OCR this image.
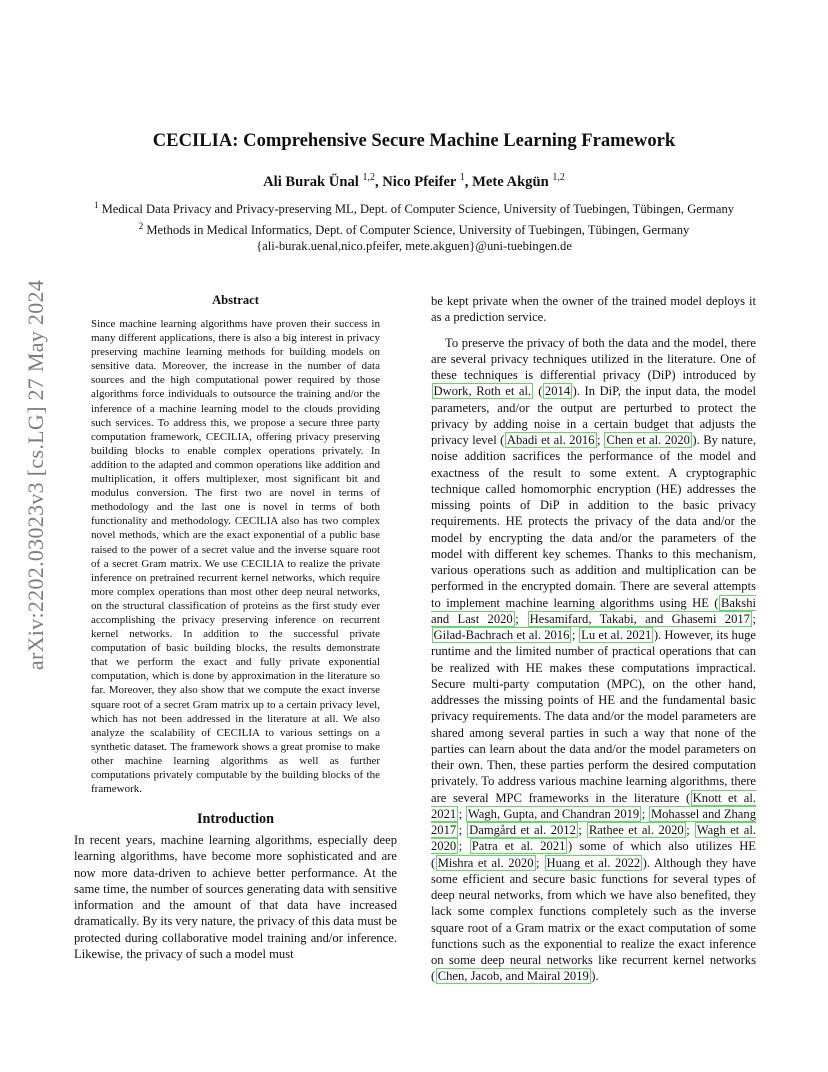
arXiv:2202.03023v3 [cs.LG] 27 May 2024
CECILIA: Comprehensive Secure Machine Learning Framework

Ali Burak Ünal $^{1,2}$, Nico Pfeifer $^1$, Mete Akgün $^{1,2}$

$^1$ Medical Data Privacy and Privacy-preserving ML, Dept. of Computer Science, University of Tuebingen, Tübingen, Germany
$^2$ Methods in Medical Informatics, Dept. of Computer Science, University of Tuebingen, Tübingen, Germany
{ali-burak.uenal,nico.pfeifer, mete.akguen}@uni-tuebingen.de
Abstract

Since machine learning algorithms have proven their success in many different applications, there is also a big interest in privacy preserving machine learning methods for building models on sensitive data. Moreover, the increase in the number of data sources and the high computational power required by those algorithms force individuals to outsource the training and/or the inference of a machine learning model to the clouds providing such services. To address this, we propose a secure three party computation framework, CECILIA, offering privacy preserving building blocks to enable complex operations privately. In addition to the adapted and common operations like addition and multiplication, it offers multiplexer, most significant bit and modulus conversion. The first two are novel in terms of methodology and the last one is novel in terms of both functionality and methodology. CECILIA also has two complex novel methods, which are the exact exponential of a public base raised to the power of a secret value and the inverse square root of a secret Gram matrix. We use CECILIA to realize the private inference on pretrained recurrent kernel networks, which require more complex operations than most other deep neural networks, on the structural classification of proteins as the first study ever accomplishing the privacy preserving inference on recurrent kernel networks. In addition to the successful private computation of basic building blocks, the results demonstrate that we perform the exact and fully private exponential computation, which is done by approximation in the literature so far. Moreover, they also show that we compute the exact inverse square root of a secret Gram matrix up to a certain privacy level, which has not been addressed in the literature at all. We also analyze the scalability of CECILIA to various settings on a synthetic dataset. The framework shows a great promise to make other machine learning algorithms as well as further computations privately computable by the building blocks of the framework.

Introduction

In recent years, machine learning algorithms, especially deep learning algorithms, have become more sophisticated and are now more data-driven to achieve better performance. At the same time, the number of sources generating data with sensitive information and the amount of that data have increased dramatically. By its very nature, the privacy of this data must be protected during collaborative model training and/or inference. Likewise, the privacy of such a model must

be kept private when the owner of the trained model deploys it as a prediction service.

To preserve the privacy of both the data and the model, there are several privacy techniques utilized in the literature. One of these techniques is differential privacy (DiP) introduced by Dwork, Roth et al. ( 2014 ). In DiP, the input data, the model parameters, and/or the output are perturbed to protect the privacy by adding noise in a certain budget that adjusts the privacy level ( Abadi et al. 2016 ; Chen et al. 2020 ). By nature, noise addition sacrifices the performance of the model and exactness of the result to some extent. A cryptographic technique called homomorphic encryption (HE) addresses the missing points of DiP in addition to the basic privacy requirements. HE protects the privacy of the data and/or the model by encrypting the data and/or the parameters of the model with different key schemes. Thanks to this mechanism, various operations such as addition and multiplication can be performed in the encrypted domain. There are several attempts to implement machine learning algorithms using HE ( Bakshi and Last 2020 ; Hesamifard, Takabi, and Ghasemi 2017 ; Gilad-Bachrach et al. 2016 ; Lu et al. 2021 ). However, its huge runtime and the limited number of practical operations that can be realized with HE makes these computations impractical. Secure multi-party computation (MPC), on the other hand, addresses the missing points of HE and the fundamental basic privacy requirements. The data and/or the model parameters are shared among several parties in such a way that none of the parties can learn about the data and/or the model parameters on their own. Then, these parties perform the desired computation privately. To address various machine learning algorithms, there are several MPC frameworks in the literature ( Knott et al. 2021 ; Wagh, Gupta, and Chandran 2019 ; Mohassel and Zhang 2017 ; Damgård et al. 2012 ; Rathee et al. 2020 ; Wagh et al. 2020 ; Patra et al. 2021 ) some of which also utilizes HE ( Mishra et al. 2020 ; Huang et al. 2022 ). Although they have some efficient and secure basic functions for several types of deep neural networks, from which we have also benefited, they lack some complex functions completely such as the inverse square root of a Gram matrix or the exact computation of some functions such as the exponential to realize the exact inference on some deep neural networks like recurrent kernel networks ( Chen, Jacob, and Mairal 2019 ).
